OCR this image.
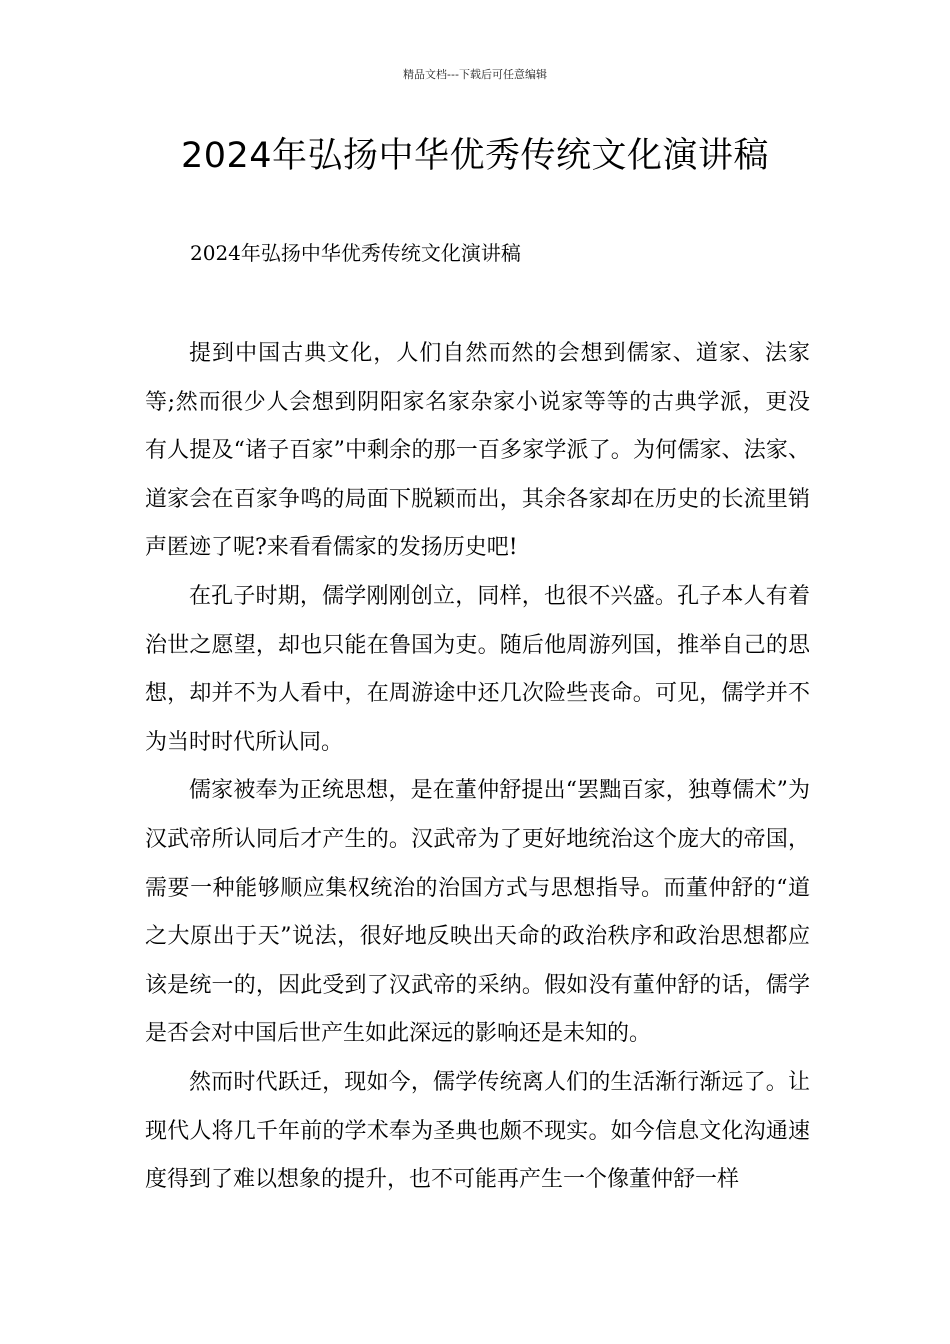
精品文档---下载后可任意编辑
2024年弘扬中华优秀传统文化演讲稿
2024年弘扬中华优秀传统文化演讲稿

提到中国古典文化，人们自然而然的会想到儒家、道家、法家等;然而很少人会想到阴阳家名家杂家小说家等等的古典学派，更没有人提及“诸子百家”中剩余的那一百多家学派了。为何儒家、法家、道家会在百家争鸣的局面下脱颖而出，其余各家却在历史的长流里销声匿迹了呢?来看看儒家的发扬历史吧!

在孔子时期，儒学刚刚创立，同样，也很不兴盛。孔子本人有着治世之愿望，却也只能在鲁国为吏。随后他周游列国，推举自己的思想，却并不为人看中，在周游途中还几次险些丧命。可见，儒学并不为当时时代所认同。

儒家被奉为正统思想，是在董仲舒提出“罢黜百家，独尊儒术”为汉武帝所认同后才产生的。汉武帝为了更好地统治这个庞大的帝国，需要一种能够顺应集权统治的治国方式与思想指导。而董仲舒的“道之大原出于天”说法，很好地反映出天命的政治秩序和政治思想都应该是统一的，因此受到了汉武帝的采纳。假如没有董仲舒的话，儒学是否会对中国后世产生如此深远的影响还是未知的。

然而时代跃迁，现如今，儒学传统离人们的生活渐行渐远了。让现代人将几千年前的学术奉为圣典也颇不现实。如今信息文化沟通速度得到了难以想象的提升，也不可能再产生一个像董仲舒一样
